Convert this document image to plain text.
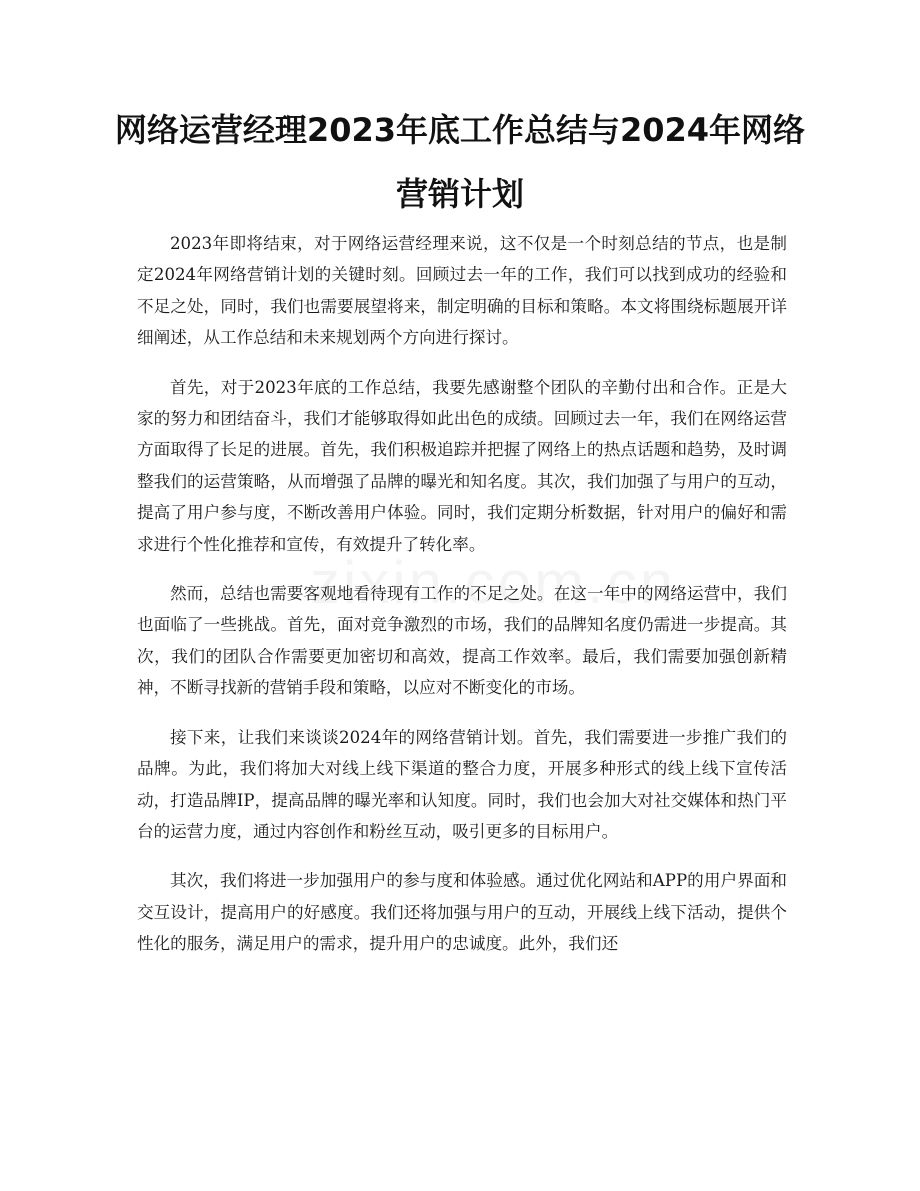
网络运营经理2023年底工作总结与2024年网络营销计划

2023年即将结束，对于网络运营经理来说，这不仅是一个时刻总结的节点，也是制定2024年网络营销计划的关键时刻。回顾过去一年的工作，我们可以找到成功的经验和不足之处，同时，我们也需要展望将来，制定明确的目标和策略。本文将围绕标题展开详细阐述，从工作总结和未来规划两个方向进行探讨。

首先，对于2023年底的工作总结，我要先感谢整个团队的辛勤付出和合作。正是大家的努力和团结奋斗，我们才能够取得如此出色的成绩。回顾过去一年，我们在网络运营方面取得了长足的进展。首先，我们积极追踪并把握了网络上的热点话题和趋势，及时调整我们的运营策略，从而增强了品牌的曝光和知名度。其次，我们加强了与用户的互动，提高了用户参与度，不断改善用户体验。同时，我们定期分析数据，针对用户的偏好和需求进行个性化推荐和宣传，有效提升了转化率。

然而，总结也需要客观地看待现有工作的不足之处。在这一年中的网络运营中，我们也面临了一些挑战。首先，面对竞争激烈的市场，我们的品牌知名度仍需进一步提高。其次，我们的团队合作需要更加密切和高效，提高工作效率。最后，我们需要加强创新精神，不断寻找新的营销手段和策略，以应对不断变化的市场。

接下来，让我们来谈谈2024年的网络营销计划。首先，我们需要进一步推广我们的品牌。为此，我们将加大对线上线下渠道的整合力度，开展多种形式的线上线下宣传活动，打造品牌IP，提高品牌的曝光率和认知度。同时，我们也会加大对社交媒体和热门平台的运营力度，通过内容创作和粉丝互动，吸引更多的目标用户。

其次，我们将进一步加强用户的参与度和体验感。通过优化网站和APP的用户界面和交互设计，提高用户的好感度。我们还将加强与用户的互动，开展线上线下活动，提供个性化的服务，满足用户的需求，提升用户的忠诚度。此外，我们还
